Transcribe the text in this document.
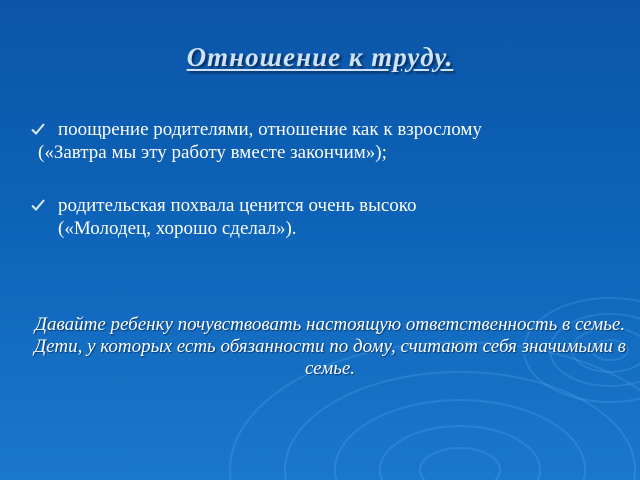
Отношение к труду.
поощрение родителями, отношение как к взрослому
(«Завтра мы эту работу вместе закончим»);
родительская похвала ценится очень высоко
(«Молодец, хорошо сделал»).

Давайте ребенку почувствовать настоящую ответственность в семье.

Дети, у которых есть обязанности по дому, считают себя значимыми в семье.
